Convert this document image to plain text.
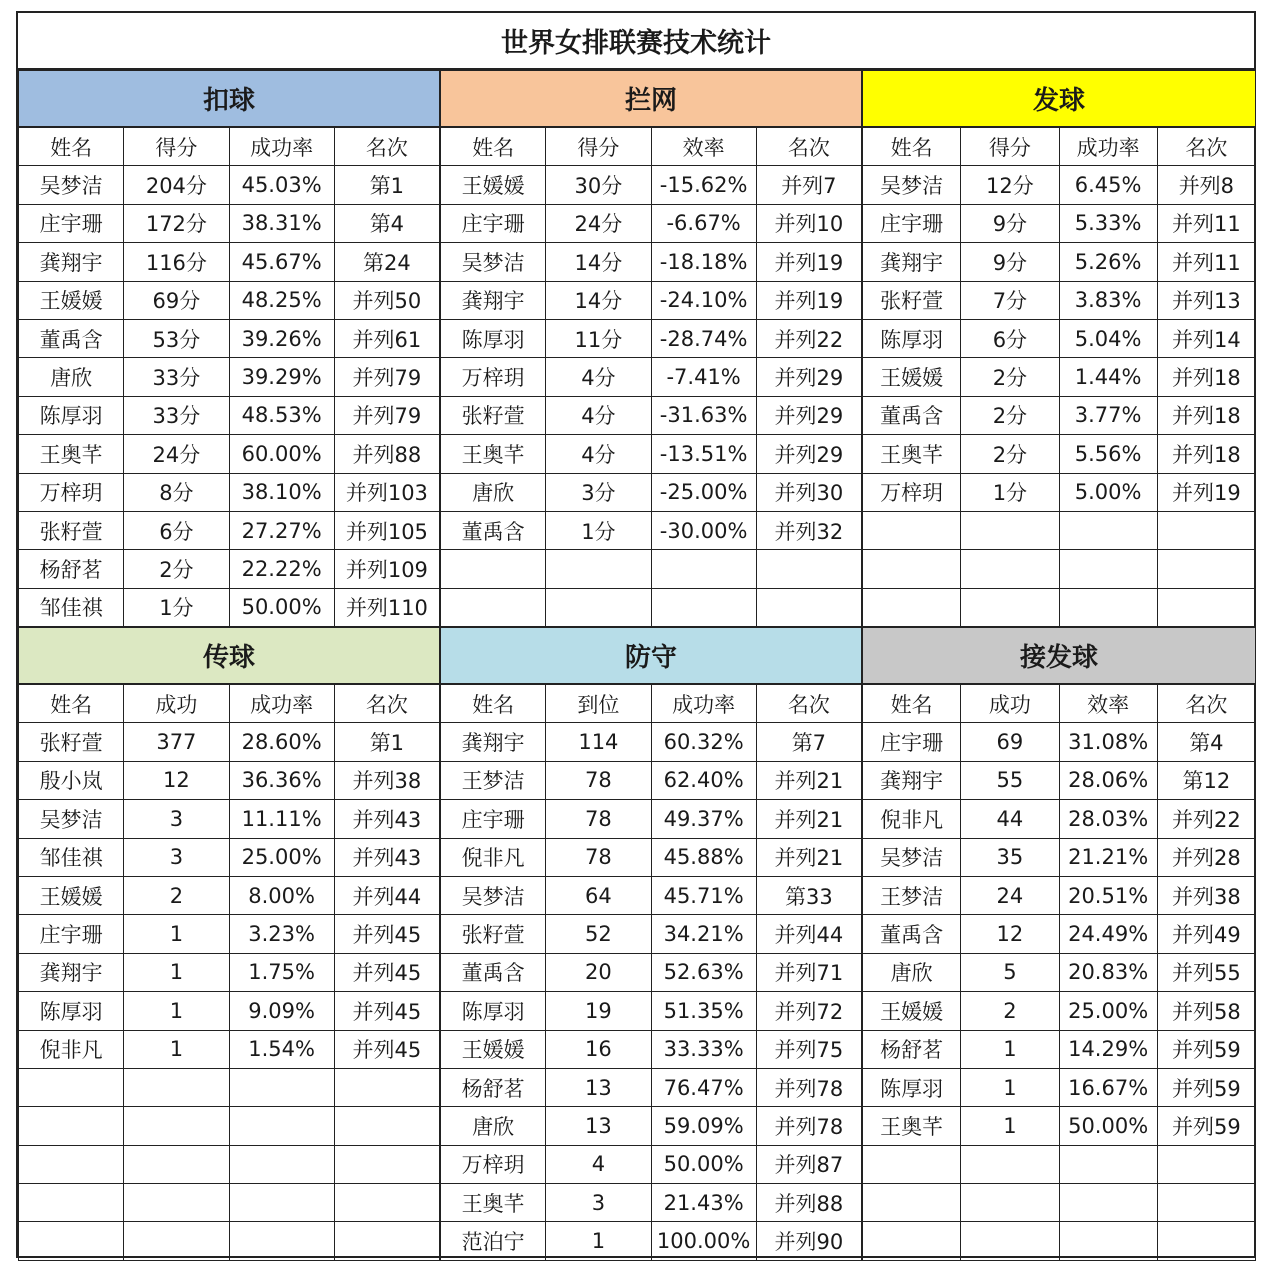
世界女排联赛技术统计
扣球
姓名	得分	成功率	名次
吴梦洁	204分	45.03%	第1
庄宇珊	172分	38.31%	第4
龚翔宇	116分	45.67%	第24
王媛媛	69分	48.25%	并列50
董禹含	53分	39.26%	并列61
唐欣	33分	39.29%	并列79
陈厚羽	33分	48.53%	并列79
王奥芊	24分	60.00%	并列88
万梓玥	8分	38.10%	并列103
张籽萱	6分	27.27%	并列105
杨舒茗	2分	22.22%	并列109
邹佳祺	1分	50.00%	并列110
拦网
姓名	得分	效率	名次
王媛媛	30分	-15.62%	并列7
庄宇珊	24分	-6.67%	并列10
吴梦洁	14分	-18.18%	并列19
龚翔宇	14分	-24.10%	并列19
陈厚羽	11分	-28.74%	并列22
万梓玥	4分	-7.41%	并列29
张籽萱	4分	-31.63%	并列29
王奥芊	4分	-13.51%	并列29
唐欣	3分	-25.00%	并列30
董禹含	1分	-30.00%	并列32

发球
姓名	得分	成功率	名次
吴梦洁	12分	6.45%	并列8
庄宇珊	9分	5.33%	并列11
龚翔宇	9分	5.26%	并列11
张籽萱	7分	3.83%	并列13
陈厚羽	6分	5.04%	并列14
王媛媛	2分	1.44%	并列18
董禹含	2分	3.77%	并列18
王奥芊	2分	5.56%	并列18
万梓玥	1分	5.00%	并列19

传球
姓名	成功	成功率	名次
张籽萱	377	28.60%	第1
殷小岚	12	36.36%	并列38
吴梦洁	3	11.11%	并列43
邹佳祺	3	25.00%	并列43
王媛媛	2	8.00%	并列44
庄宇珊	1	3.23%	并列45
龚翔宇	1	1.75%	并列45
陈厚羽	1	9.09%	并列45
倪非凡	1	1.54%	并列45

防守
姓名	到位	成功率	名次
龚翔宇	114	60.32%	第7
王梦洁	78	62.40%	并列21
庄宇珊	78	49.37%	并列21
倪非凡	78	45.88%	并列21
吴梦洁	64	45.71%	第33
张籽萱	52	34.21%	并列44
董禹含	20	52.63%	并列71
陈厚羽	19	51.35%	并列72
王媛媛	16	33.33%	并列75
杨舒茗	13	76.47%	并列78
唐欣	13	59.09%	并列78
万梓玥	4	50.00%	并列87
王奥芊	3	21.43%	并列88
范泊宁	1	100.00%	并列90
接发球
姓名	成功	效率	名次
庄宇珊	69	31.08%	第4
龚翔宇	55	28.06%	第12
倪非凡	44	28.03%	并列22
吴梦洁	35	21.21%	并列28
王梦洁	24	20.51%	并列38
董禹含	12	24.49%	并列49
唐欣	5	20.83%	并列55
王媛媛	2	25.00%	并列58
杨舒茗	1	14.29%	并列59
陈厚羽	1	16.67%	并列59
王奥芊	1	50.00%	并列59
